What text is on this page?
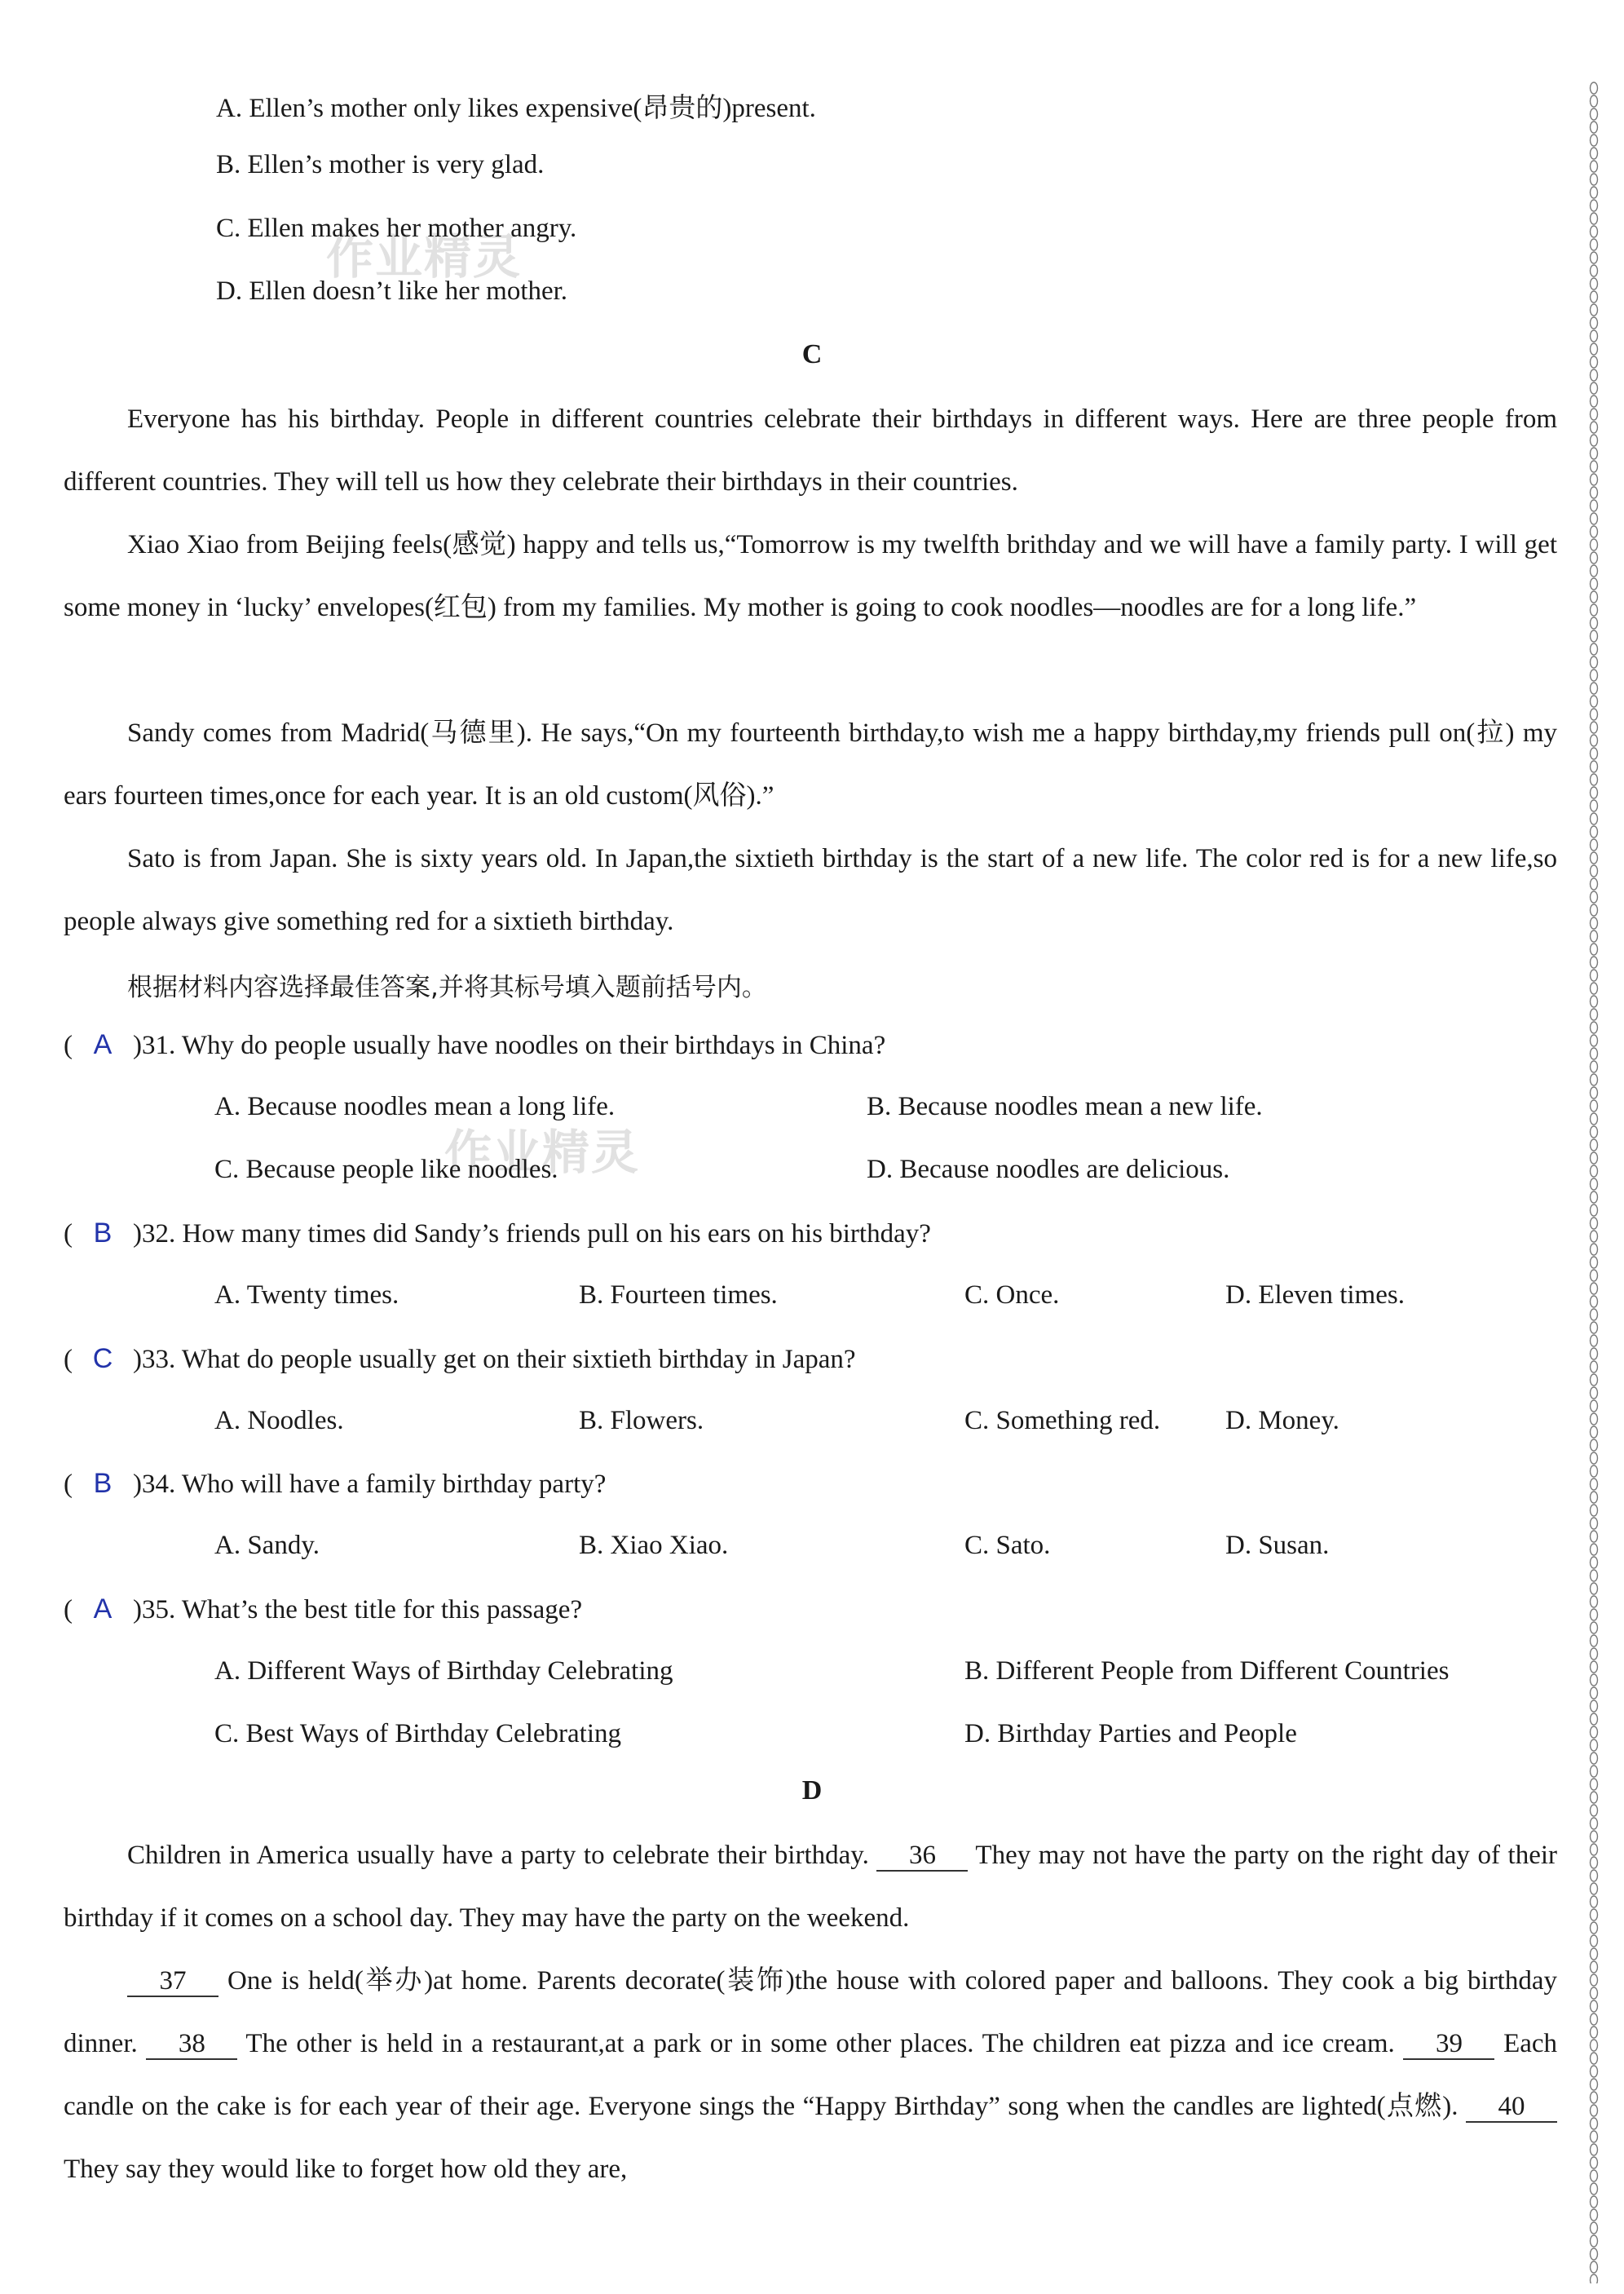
作业精灵
作业精灵
A. Ellen’s mother only likes expensive(昂贵的)present.
B. Ellen’s mother is very glad.
C. Ellen makes her mother angry.
D. Ellen doesn’t like her mother.
C
Everyone has his birthday. People in different countries celebrate their birthdays in different ways. Here are three people from different countries. They will tell us how they celebrate their birthdays in their countries.
Xiao Xiao from Beijing feels(感觉) happy and tells us,“Tomorrow is my twelfth brithday and we will have a family party. I will get some money in ‘lucky’ envelopes(红包) from my families. My mother is going to cook noodles—noodles are for a long life.”
Sandy comes from Madrid(马德里). He says,“On my fourteenth birthday,to wish me a happy birthday,my friends pull on(拉) my ears fourteen times,once for each year. It is an old custom(风俗).”
Sato is from Japan. She is sixty years old. In Japan,the sixtieth birthday is the start of a new life. The color red is for a new life,so people always give something red for a sixtieth birthday.
根据材料内容选择最佳答案,并将其标号填入题前括号内。
( A )31. Why do people usually have noodles on their birthdays in China?
A. Because noodles mean a long life.	B. Because noodles mean a new life.
C. Because people like noodles.	D. Because noodles are delicious.
( B )32. How many times did Sandy’s friends pull on his ears on his birthday?
A. Twenty times.	B. Fourteen times.	C. Once.	D. Eleven times.
( C )33. What do people usually get on their sixtieth birthday in Japan?
A. Noodles.	B. Flowers.	C. Something red. D. Money.
( B )34. Who will have a family birthday party?
A. Sandy.	B. Xiao Xiao.	C. Sato.	D. Susan.
( A )35. What’s the best title for this passage?
A. Different Ways of Birthday Celebrating	B. Different People from Different Countries
C. Best Ways of Birthday Celebrating	D. Birthday Parties and People
D
Children in America usually have a party to celebrate their birthday. 36 They may not have the party on the right day of their birthday if it comes on a school day. They may have the party on the weekend.
37 One is held(举办)at home. Parents decorate(装饰)the house with colored paper and balloons. They cook a big birthday dinner. 38 The other is held in a restaurant,at a park or in some other places. The children eat pizza and ice cream. 39 Each candle on the cake is for each year of their age. Everyone sings the “Happy Birthday” song when the candles are lighted(点燃). 40 They say they would like to forget how old they are,
